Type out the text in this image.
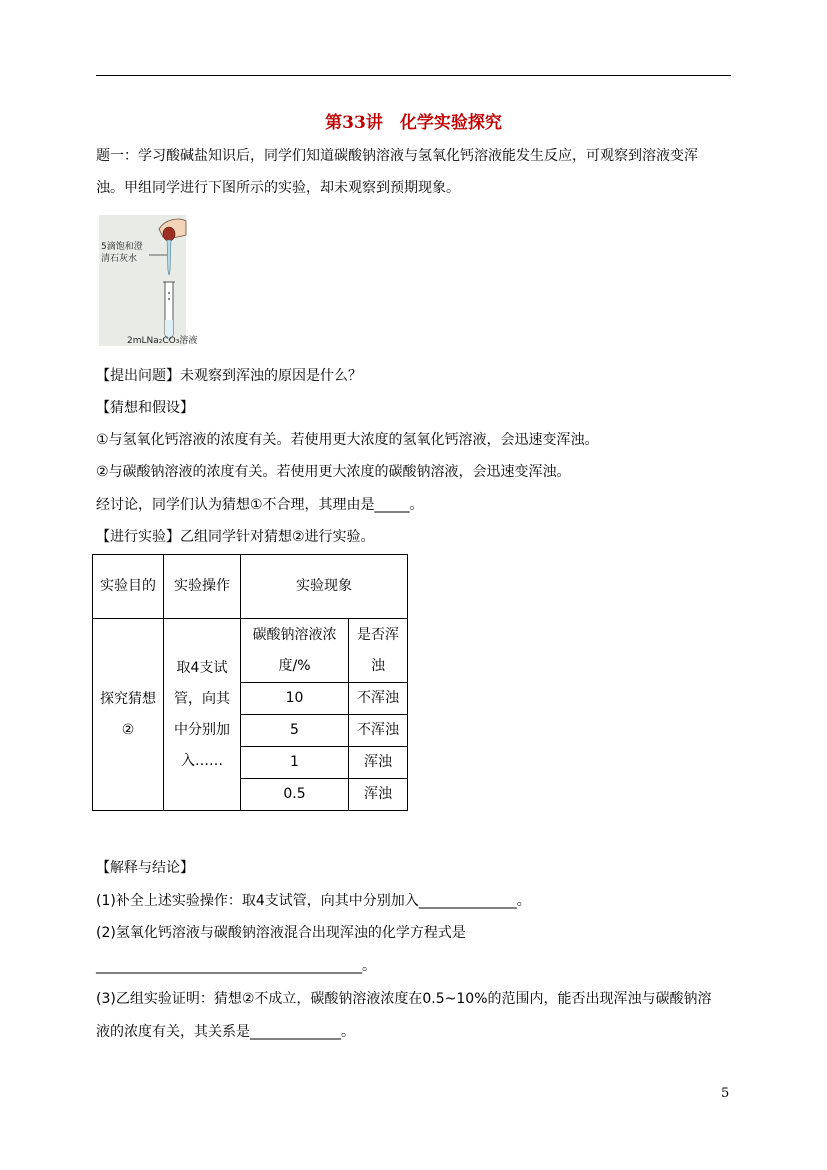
第33讲　化学实验探究
题一：学习酸碱盐知识后，同学们知道碳酸钠溶液与氢氧化钙溶液能发生反应，可观察到溶液变浑
浊。甲组同学进行下图所示的实验，却未观察到预期现象。
5滴饱和澄
清石灰水
2mLNa₂CO₃溶液
【提出问题】未观察到浑浊的原因是什么？
【猜想和假设】
①与氢氧化钙溶液的浓度有关。若使用更大浓度的氢氧化钙溶液，会迅速变浑浊。
②与碳酸钠溶液的浓度有关。若使用更大浓度的碳酸钠溶液，会迅速变浑浊。
经讨论，同学们认为猜想①不合理，其理由是_____。
【进行实验】乙组同学针对猜想②进行实验。
实验目的	实验操作	实验现象	
探究猜想②	取4支试管，向其中分别加入……	碳酸钠溶液浓度/%	是否浑浊
		10	不浑浊
		5	不浑浊
		1	浑浊
		0.5	浑浊
【解释与结论】
(1)补全上述实验操作：取4支试管，向其中分别加入______________。
(2)氢氧化钙溶液与碳酸钠溶液混合出现浑浊的化学方程式是
______________________________________。
(3)乙组实验证明：猜想②不成立，碳酸钠溶液浓度在0.5~10%的范围内，能否出现浑浊与碳酸钠溶
液的浓度有关，其关系是_____________。
5
